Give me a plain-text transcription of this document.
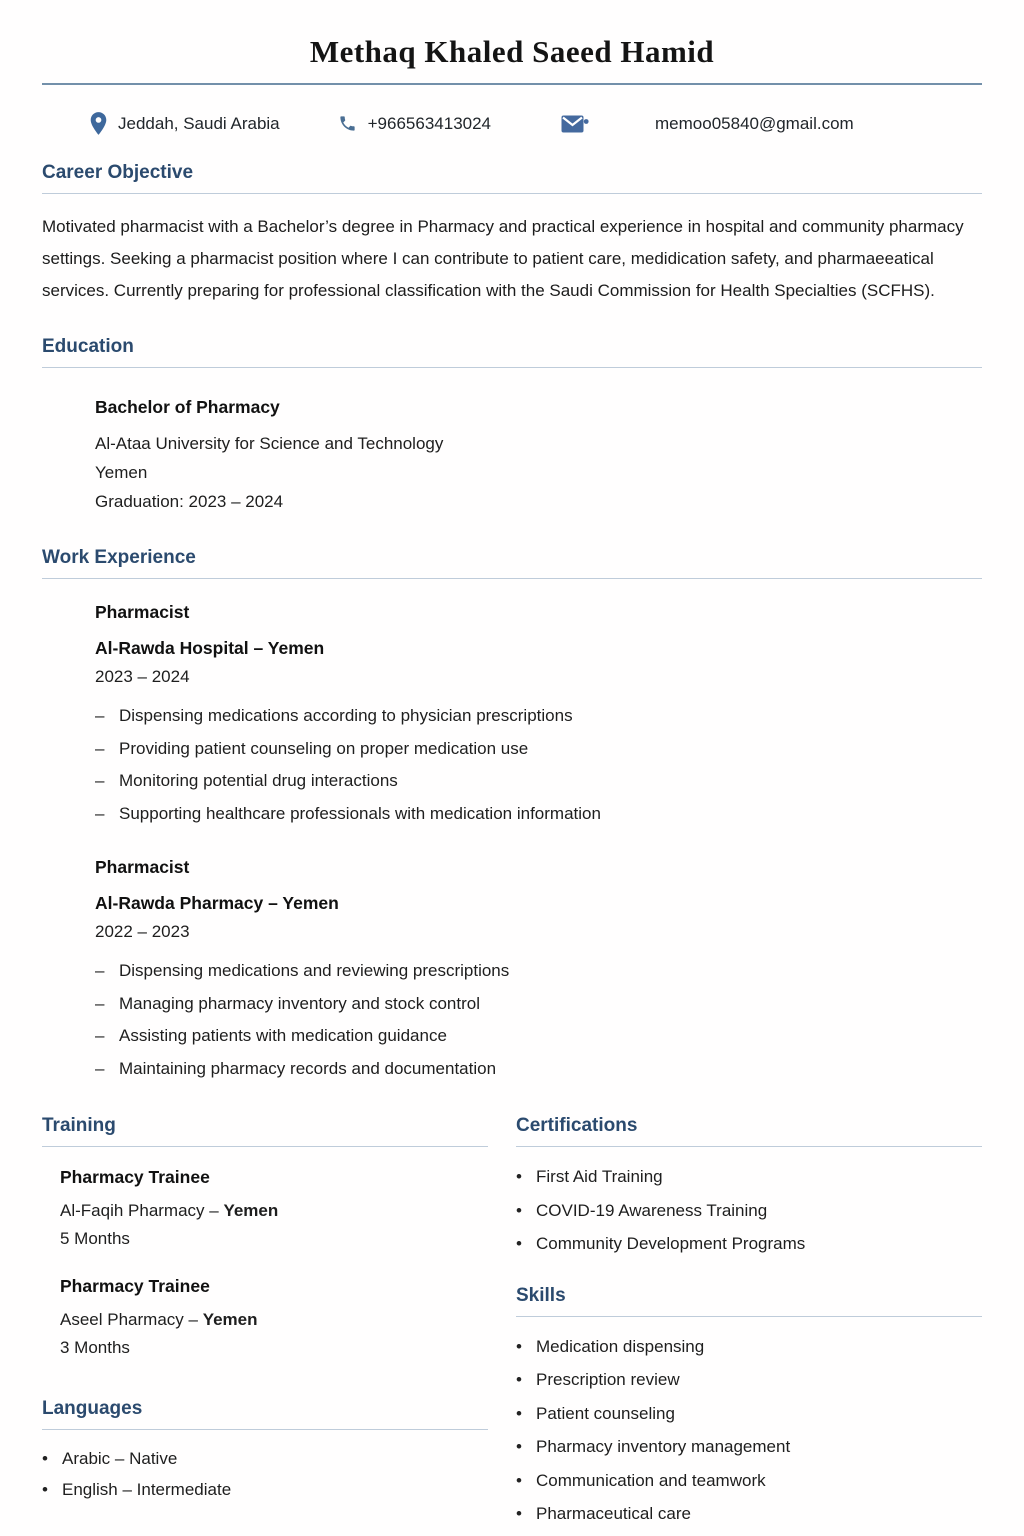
Methaq Khaled Saeed Hamid
Jeddah, Saudi Arabia	+966563413024	memoo05840@gmail.com
Career Objective

Motivated pharmacist with a Bachelor’s degree in Pharmacy and practical experience in hospital and community pharmacy settings. Seeking a pharmacist position where I can contribute to patient care, medidication safety, and pharmaeeatical services. Currently preparing for professional classification with the Saudi Commission for Health Specialties (SCFHS).

Education
Bachelor of Pharmacy
Al-Ataa University for Science and Technology
Yemen
Graduation: 2023 – 2024
Work Experience
Pharmacist
Al-Rawda Hospital – Yemen
2023 – 2024
– Dispensing medications according to physician prescriptions
– Providing patient counseling on proper medication use
– Monitoring potential drug interactions
– Supporting healthcare professionals with medication information
Pharmacist
Al-Rawda Pharmacy – Yemen
2022 – 2023
– Dispensing medications and reviewing prescriptions
– Managing pharmacy inventory and stock control
– Assisting patients with medication guidance
– Maintaining pharmacy records and documentation
Training
Pharmacy Trainee
Al-Faqih Pharmacy – Yemen
5 Months
Pharmacy Trainee
Aseel Pharmacy – Yemen
3 Months
Languages
• Arabic – Native
• English – Intermediate
Certifications
• First Aid Training
• COVID-19 Awareness Training
• Community Development Programs
Skills
• Medication dispensing
• Prescription review
• Patient counseling
• Pharmacy inventory management
• Communication and teamwork
• Pharmaceutical care
